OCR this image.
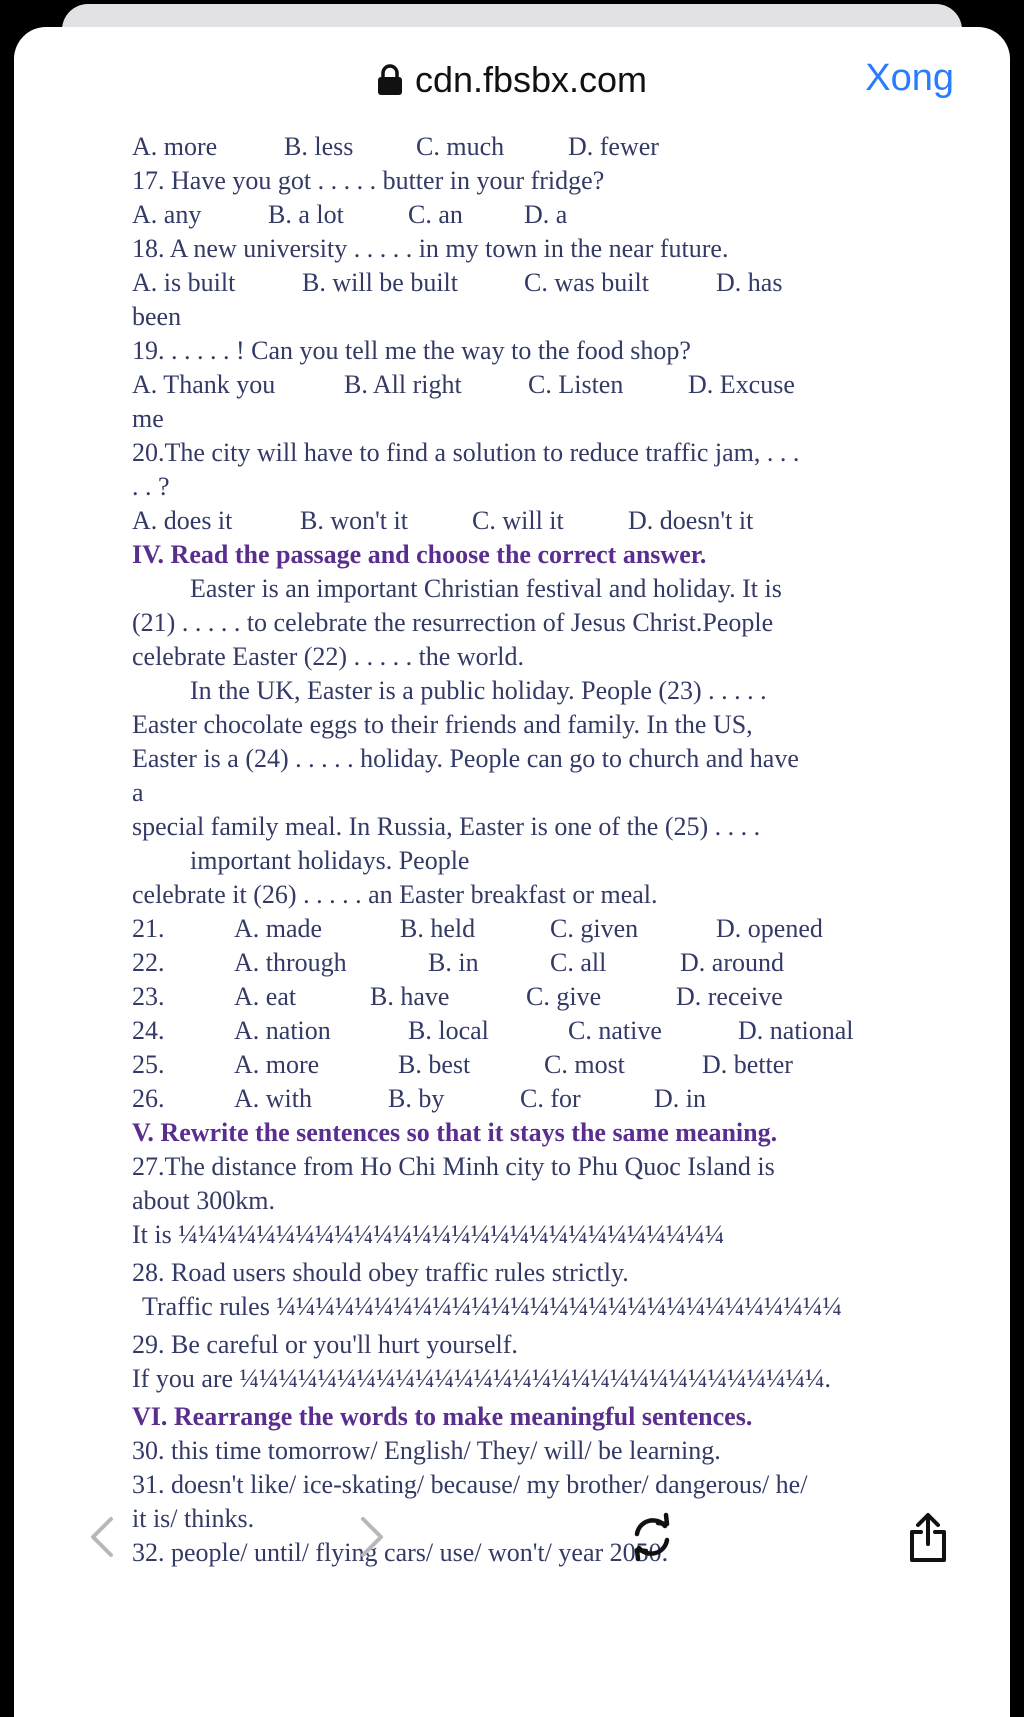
cdn.fbsbx.com	Xong
A. more	B. less C. much D. fewer
17. Have you got . . . . . butter in your fridge?
A. any	B. a lot C. an D. a
18. A new university . . . . . in my town in the near future.
A. is built	B. will be built	C. was built	D. has
been
19. . . . . . ! Can you tell me the way to the food shop?
A. Thank you	B. All right	C. Listen D. Excuse
me
20.The city will have to find a solution to reduce traffic jam, . . .
. . ?
A. does it	B. won't it C. will it D. doesn't it
IV. Read the passage and choose the correct answer.
Easter is an important Christian festival and holiday. It is
(21) . . . . . to celebrate the resurrection of Jesus Christ.People
celebrate Easter (22) . . . . . the world.
In the UK, Easter is a public holiday. People (23) . . . . .
Easter chocolate eggs to their friends and family. In the US,
Easter is a (24) . . . . . holiday. People can go to church and have
a
special family meal. In Russia, Easter is one of the (25) . . . .
important holidays. People
celebrate it (26) . . . . . an Easter breakfast or meal.
21.	A. made	B. held	C. given	D. opened
22.	A. through	B. in	C. all	D. around
23.	A. eat	B. have	C. give	D. receive
24.	A. nation	B. local	C. native	D. national
25.	A. more	B. best	C. most	D. better
26.	A. with	B. by	C. for	D. in
V. Rewrite the sentences so that it stays the same meaning.
27.The distance from Ho Chi Minh city to Phu Quoc Island is
about 300km.
It is ¼¼¼¼¼¼¼¼¼¼¼¼¼¼¼¼¼¼¼¼¼¼¼¼¼¼¼¼
28. Road users should obey traffic rules strictly.
Traffic rules ¼¼¼¼¼¼¼¼¼¼¼¼¼¼¼¼¼¼¼¼¼¼¼¼¼¼¼¼¼
29. Be careful or you'll hurt yourself.
If you are ¼¼¼¼¼¼¼¼¼¼¼¼¼¼¼¼¼¼¼¼¼¼¼¼¼¼¼¼¼¼.
VI. Rearrange the words to make meaningful sentences.
30. this time tomorrow/ English/ They/ will/ be learning.
31. doesn't like/ ice-skating/ because/ my brother/ dangerous/ he/
it is/ thinks.
32. people/ until/ flying cars/ use/ won't/ year 2050.
